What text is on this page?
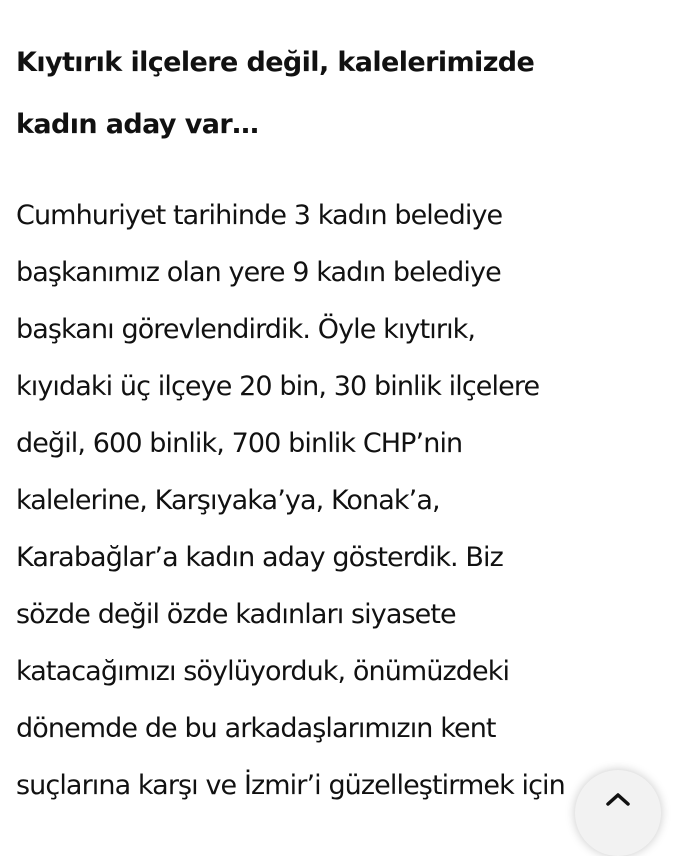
Kıytırık ilçelere değil, kalelerimizde
kadın aday var…

Cumhuriyet tarihinde 3 kadın belediye
başkanımız olan yere 9 kadın belediye
başkanı görevlendirdik. Öyle kıytırık,
kıyıdaki üç ilçeye 20 bin, 30 binlik ilçelere
değil, 600 binlik, 700 binlik CHP’nin
kalelerine, Karşıyaka’ya, Konak’a,
Karabağlar’a kadın aday gösterdik. Biz
sözde değil özde kadınları siyasete
katacağımızı söylüyorduk, önümüzdeki
dönemde de bu arkadaşlarımızın kent
suçlarına karşı ve İzmir’i güzelleştirmek için
